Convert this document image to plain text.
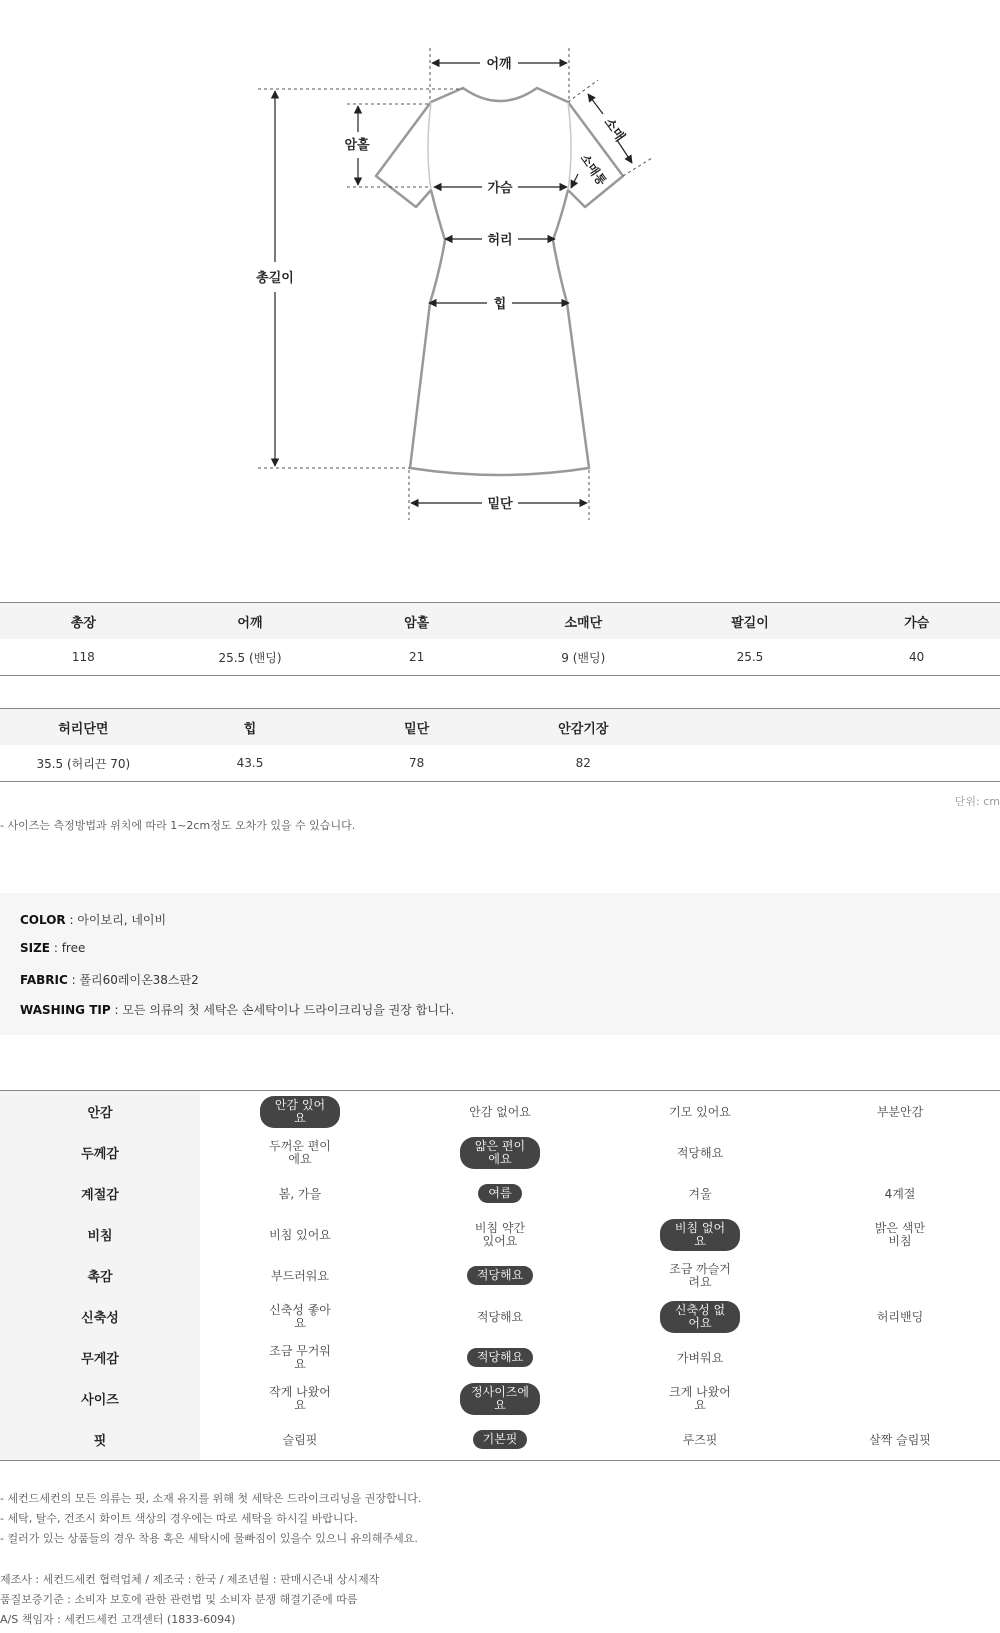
어깨
암홀
총길이
가슴
허리
힙
밑단
소매
소매통
총장	어깨	암홀	소매단	팔길이	가슴
118	25.5 (밴딩)	21	9 (밴딩)	25.5	40
허리단면	힙	밑단	안감기장		
35.5 (허리끈 70)	43.5	78	82		
단위: cm
- 사이즈는 측정방법과 위치에 따라 1~2cm정도 오차가 있을 수 있습니다.
COLOR : 아이보리, 네이비
SIZE : free
FABRIC : 폴리60레이온38스판2
WASHING TIP : 모든 의류의 첫 세탁은 손세탁이나 드라이크리닝을 권장 합니다.
안감	안감 있어요	안감 없어요	기모 있어요	부분안감
두께감	두꺼운 편이에요	얇은 편이에요	적당해요	
계절감	봄, 가을	여름	겨울	4계절
비침	비침 있어요	비침 약간 있어요	비침 없어요	밝은 색만 비침
촉감	부드러워요	적당해요	조금 까슬거려요	
신축성	신축성 좋아요	적당해요	신축성 없어요	허리밴딩
무게감	조금 무거워요	적당해요	가벼워요	
사이즈	작게 나왔어요	정사이즈에요	크게 나왔어요	
핏	슬림핏	기본핏	루즈핏	살짝 슬림핏
- 세컨드세컨의 모든 의류는 핏, 소재 유지를 위해 첫 세탁은 드라이크리닝을 권장합니다.
- 세탁, 탈수, 건조시 화이트 색상의 경우에는 따로 세탁을 하시길 바랍니다.
- 컬러가 있는 상품들의 경우 착용 혹은 세탁시에 물빠짐이 있을수 있으니 유의해주세요.
제조사 : 세컨드세컨 협력업체 / 제조국 : 한국 / 제조년월 : 판매시즌내 상시제작
품질보증기준 : 소비자 보호에 관한 관련법 및 소비자 분쟁 해결기준에 따름
A/S 책임자 : 세컨드세컨 고객센터 (1833-6094)
